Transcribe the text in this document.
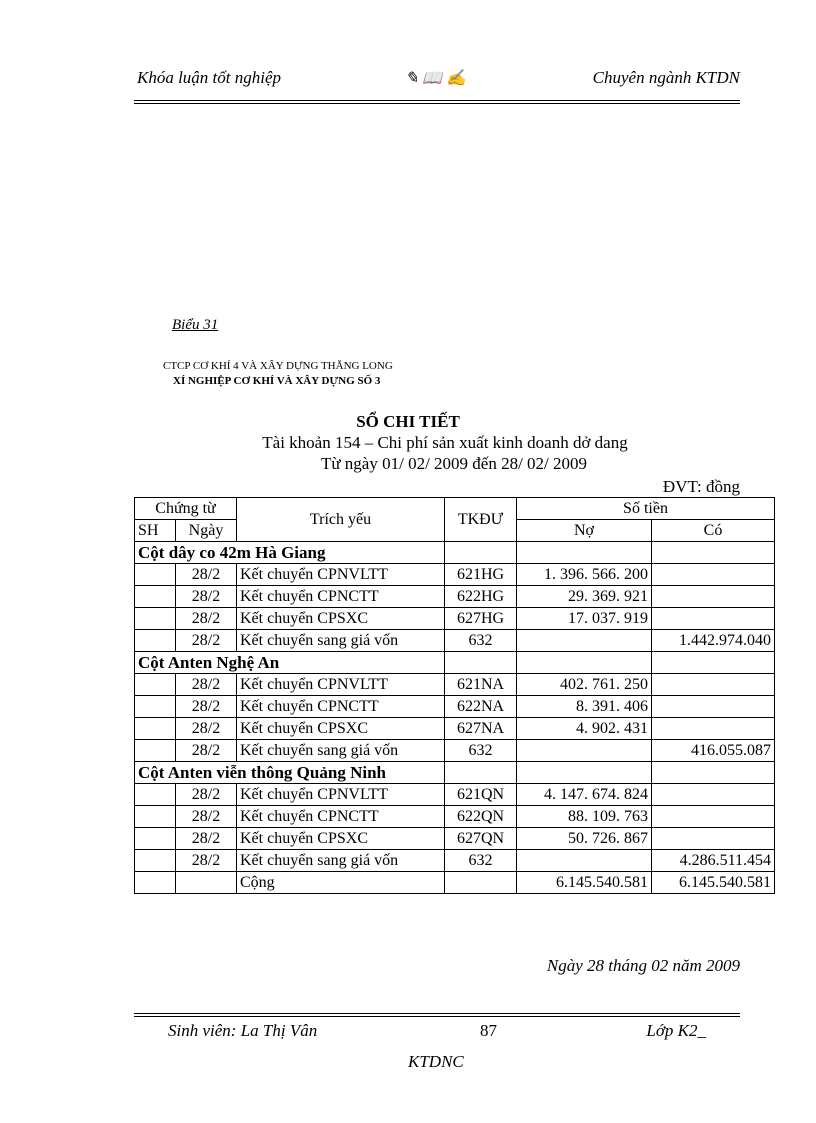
Khóa luận tốt nghiệp	✎ 📖 ✍	Chuyên ngành KTDN
Biểu 31
CTCP CƠ KHÍ 4 VÀ XÂY DỰNG THĂNG LONG
XÍ NGHIỆP CƠ KHÍ VÀ XÂY DỰNG SỐ 3
SỔ CHI TIẾT
Tài khoản 154 – Chi phí sản xuất kinh doanh dở dang
Từ ngày 01/ 02/ 2009 đến 28/ 02/ 2009
ĐVT: đồng
Chứng từ		Trích yếu	TKĐƯ	Số tiền	
SH	Ngày			Nợ	Có
Cột dây co 42m Hà Giang					
	28/2	Kết chuyển CPNVLTT	621HG	1. 396. 566. 200	
	28/2	Kết chuyển CPNCTT	622HG	29. 369. 921	
	28/2	Kết chuyển CPSXC	627HG	17. 037. 919	
	28/2	Kết chuyển sang giá vốn	632		1.442.974.040
Cột Anten Nghệ An					
	28/2	Kết chuyển CPNVLTT	621NA	402. 761. 250	
	28/2	Kết chuyển CPNCTT	622NA	8. 391. 406	
	28/2	Kết chuyển CPSXC	627NA	4. 902. 431	
	28/2	Kết chuyển sang giá vốn	632		416.055.087
Cột Anten viễn thông Quảng Ninh					
	28/2	Kết chuyển CPNVLTT	621QN	4. 147. 674. 824	
	28/2	Kết chuyển CPNCTT	622QN	88. 109. 763	
	28/2	Kết chuyển CPSXC	627QN	50. 726. 867	
	28/2	Kết chuyển sang giá vốn	632		4.286.511.454
		Cộng		6.145.540.581	6.145.540.581
Ngày 28 tháng 02 năm 2009
Sinh viên: La Thị Vân	87	Lớp K2_
KTDNC
